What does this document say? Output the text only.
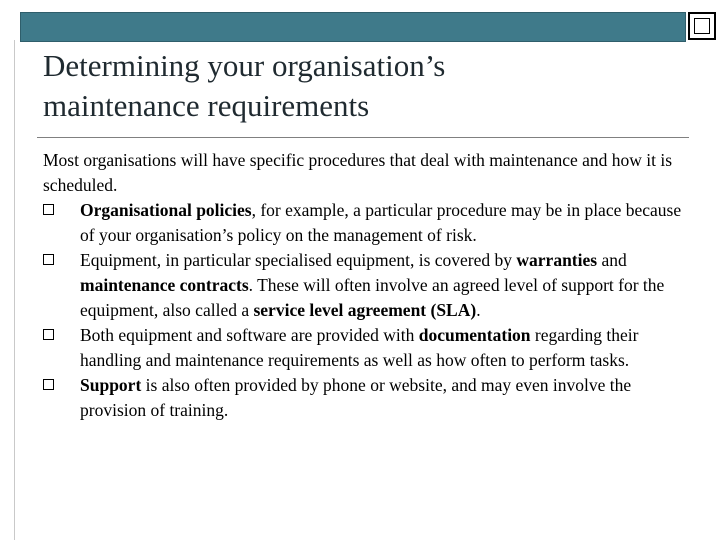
Determining your organisation’s
maintenance requirements

Most organisations will have specific procedures that deal with maintenance and how it is scheduled.

Organisational policies, for example, a particular procedure may be in place because of your organisation’s policy on the management of risk.
Equipment, in particular specialised equipment, is covered by warranties and maintenance contracts. These will often involve an agreed level of support for the equipment, also called a service level agreement (SLA).
Both equipment and software are provided with documentation regarding their handling and maintenance requirements as well as how often to perform tasks.
Support is also often provided by phone or website, and may even involve the provision of training.
